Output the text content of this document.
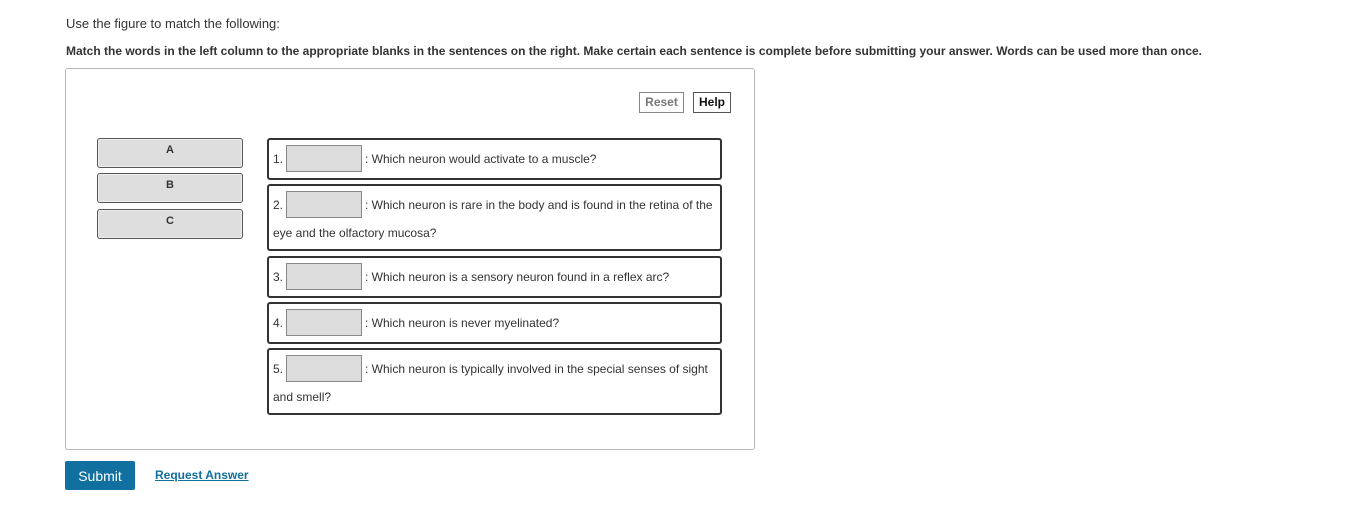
Use the figure to match the following:

Match the words in the left column to the appropriate blanks in the sentences on the right. Make certain each sentence is complete before submitting your answer. Words can be used more than once.

Reset	Help
A
B
C
1.	: Which neuron would activate to a muscle?
2.	: Which neuron is rare in the body and is found in the retina of the eye and the olfactory mucosa?
3.	: Which neuron is a sensory neuron found in a reflex arc?
4.	: Which neuron is never myelinated?
5.	: Which neuron is typically involved in the special senses of sight and smell?
Submit	Request Answer
